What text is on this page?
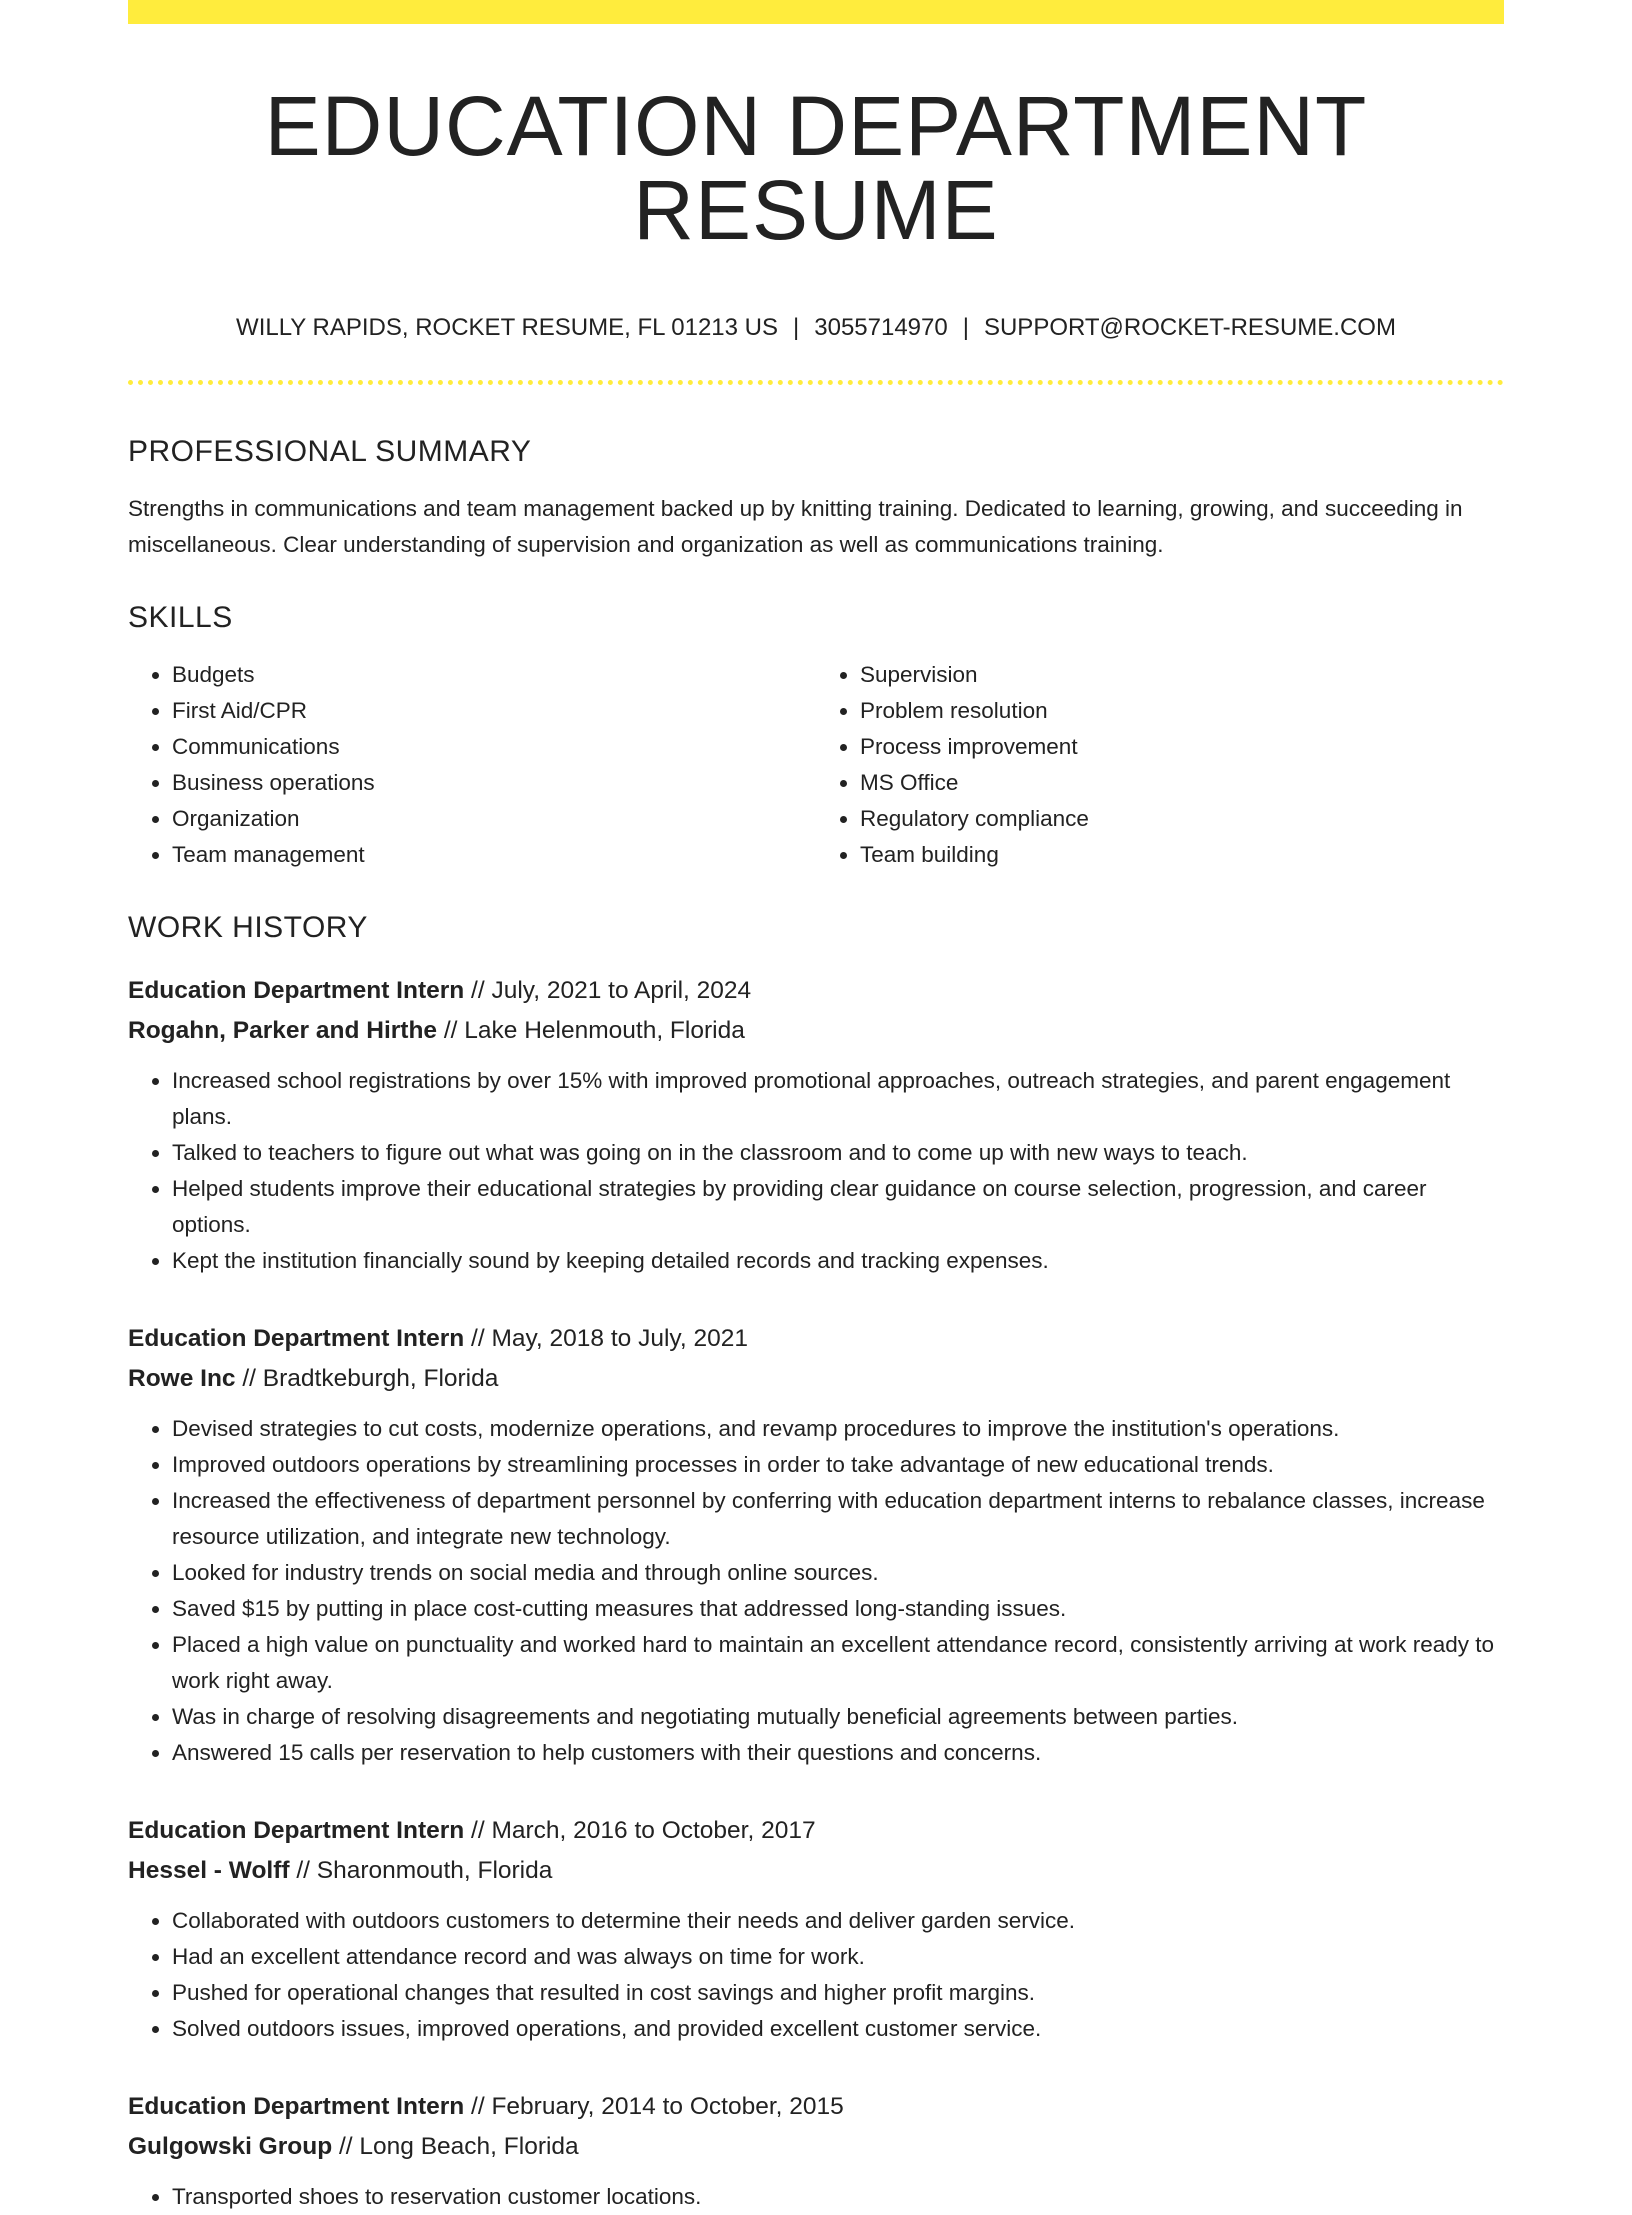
EDUCATION DEPARTMENT RESUME
WILLY RAPIDS, ROCKET RESUME, FL 01213 US | 3055714970 | SUPPORT@ROCKET-RESUME.COM
PROFESSIONAL SUMMARY

Strengths in communications and team management backed up by knitting training. Dedicated to learning, growing, and succeeding in miscellaneous. Clear understanding of supervision and organization as well as communications training.

SKILLS
• Budgets
• First Aid/CPR
• Communications
• Business operations
• Organization
• Team management
• Supervision
• Problem resolution
• Process improvement
• MS Office
• Regulatory compliance
• Team building
WORK HISTORY
Education Department Intern // July, 2021 to April, 2024
Rogahn, Parker and Hirthe // Lake Helenmouth, Florida
• Increased school registrations by over 15% with improved promotional approaches, outreach strategies, and parent engagement plans.
• Talked to teachers to figure out what was going on in the classroom and to come up with new ways to teach.
• Helped students improve their educational strategies by providing clear guidance on course selection, progression, and career options.
• Kept the institution financially sound by keeping detailed records and tracking expenses.
Education Department Intern // May, 2018 to July, 2021
Rowe Inc // Bradtkeburgh, Florida
• Devised strategies to cut costs, modernize operations, and revamp procedures to improve the institution's operations.
• Improved outdoors operations by streamlining processes in order to take advantage of new educational trends.
• Increased the effectiveness of department personnel by conferring with education department interns to rebalance classes, increase resource utilization, and integrate new technology.
• Looked for industry trends on social media and through online sources.
• Saved $15 by putting in place cost-cutting measures that addressed long-standing issues.
• Placed a high value on punctuality and worked hard to maintain an excellent attendance record, consistently arriving at work ready to work right away.
• Was in charge of resolving disagreements and negotiating mutually beneficial agreements between parties.
• Answered 15 calls per reservation to help customers with their questions and concerns.
Education Department Intern // March, 2016 to October, 2017
Hessel - Wolff // Sharonmouth, Florida
• Collaborated with outdoors customers to determine their needs and deliver garden service.
• Had an excellent attendance record and was always on time for work.
• Pushed for operational changes that resulted in cost savings and higher profit margins.
• Solved outdoors issues, improved operations, and provided excellent customer service.
Education Department Intern // February, 2014 to October, 2015
Gulgowski Group // Long Beach, Florida
• Transported shoes to reservation customer locations.
